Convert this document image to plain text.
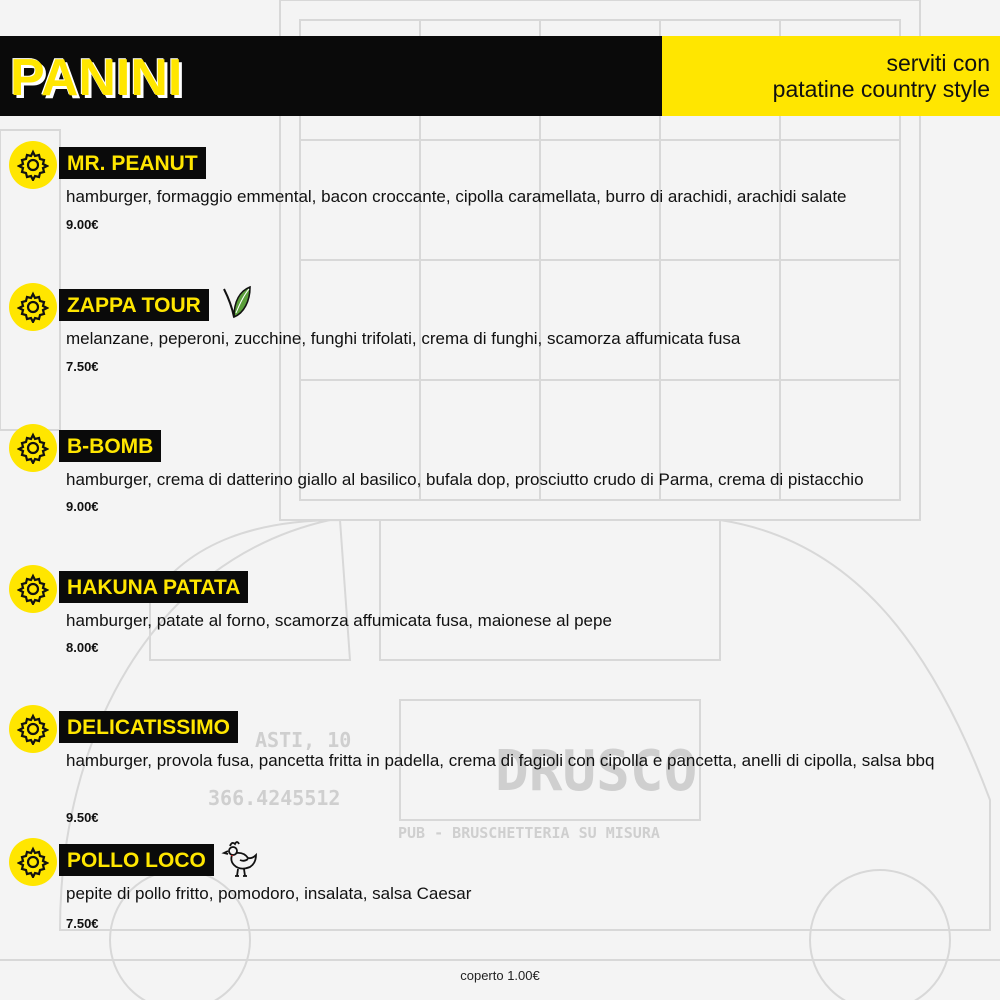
ASTI, 10
366.4245512	DRUSCO
PUB - BRUSCHETTERIA SU MISURA
PANINI	serviti con
patatine country style
MR. PEANUT
hamburger, formaggio emmental, bacon croccante, cipolla caramellata, burro di arachidi, arachidi salate
9.00€
ZAPPA TOUR
melanzane, peperoni, zucchine, funghi trifolati, crema di funghi, scamorza affumicata fusa
7.50€
B-BOMB
hamburger, crema di datterino giallo al basilico, bufala dop, prosciutto crudo di Parma, crema di pistacchio
9.00€
HAKUNA PATATA
hamburger, patate al forno, scamorza affumicata fusa, maionese al pepe
8.00€
DELICATISSIMO
hamburger, provola fusa, pancetta fritta in padella, crema di fagioli con cipolla e pancetta, anelli di cipolla, salsa bbq
9.50€
POLLO LOCO
pepite di pollo fritto, pomodoro, insalata, salsa Caesar
7.50€
coperto 1.00€
